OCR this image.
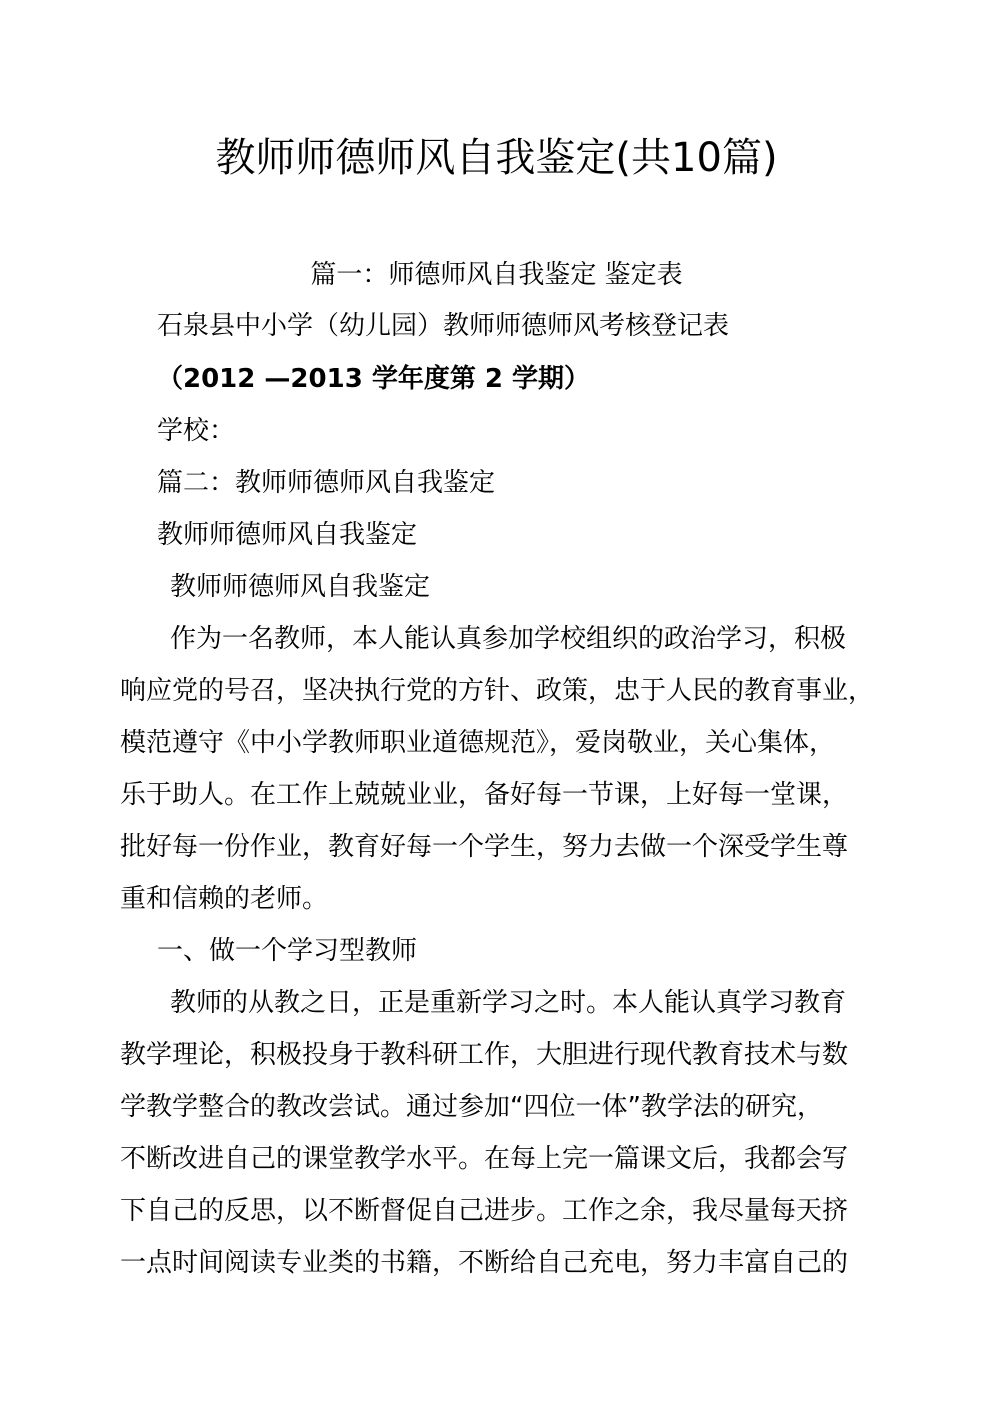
教师师德师风自我鉴定(共10篇)
篇一：师德师风自我鉴定 鉴定表
石泉县中小学（幼儿园）教师师德师风考核登记表
（2012 —2013 学年度第 2 学期）
学校：
篇二：教师师德师风自我鉴定
教师师德师风自我鉴定
教师师德师风自我鉴定
作为一名教师，本人能认真参加学校组织的政治学习，积极
响应党的号召，坚决执行党的方针、政策，忠于人民的教育事业，
模范遵守《中小学教师职业道德规范》，爱岗敬业，关心集体，
乐于助人。在工作上兢兢业业，备好每一节课，上好每一堂课，
批好每一份作业，教育好每一个学生，努力去做一个深受学生尊
重和信赖的老师。
一、做一个学习型教师
教师的从教之日，正是重新学习之时。本人能认真学习教育
教学理论，积极投身于教科研工作，大胆进行现代教育技术与数
学教学整合的教改尝试。通过参加“四位一体”教学法的研究，
不断改进自己的课堂教学水平。在每上完一篇课文后，我都会写
下自己的反思，以不断督促自己进步。工作之余，我尽量每天挤
一点时间阅读专业类的书籍，不断给自己充电，努力丰富自己的
